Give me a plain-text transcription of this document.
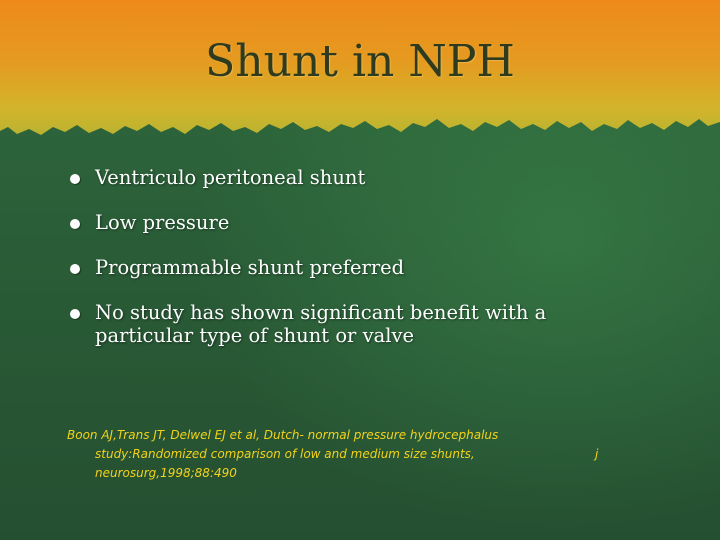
Shunt in NPH
Ventriculo peritoneal shunt
Low pressure
Programmable shunt preferred
No study has shown significant benefit with a particular type of shunt or valve
Boon AJ,Trans JT, Delwel EJ et al, Dutch- normal pressure hydrocephalus
study:Randomized comparison of low and medium size shunts,	j
neurosurg,1998;88:490
